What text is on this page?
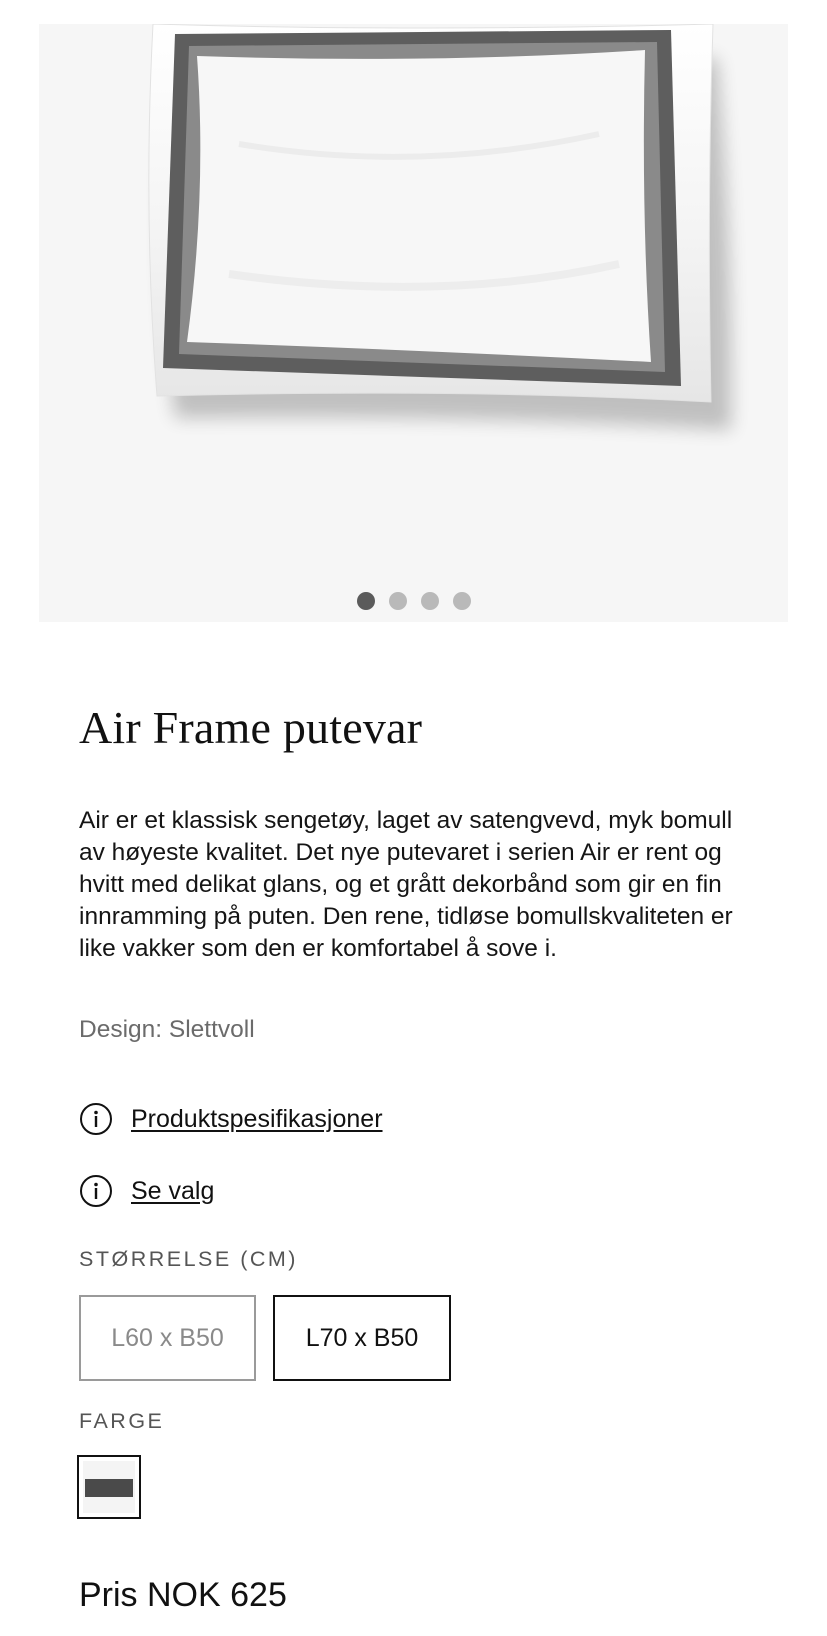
Air Frame putevar

Air er et klassisk sengetøy, laget av satengvevd, myk bomull av høyeste kvalitet. Det nye putevaret i serien Air er rent og hvitt med delikat glans, og et grått dekorbånd som gir en fin innramming på puten. Den rene, tidløse bomullskvaliteten er like vakker som den er komfortabel å sove i.

Design: Slettvoll

Produktspesifikasjoner
Se valg

STØRRELSE (CM)

L60 x B50	L70 x B50

FARGE

Pris NOK 625
